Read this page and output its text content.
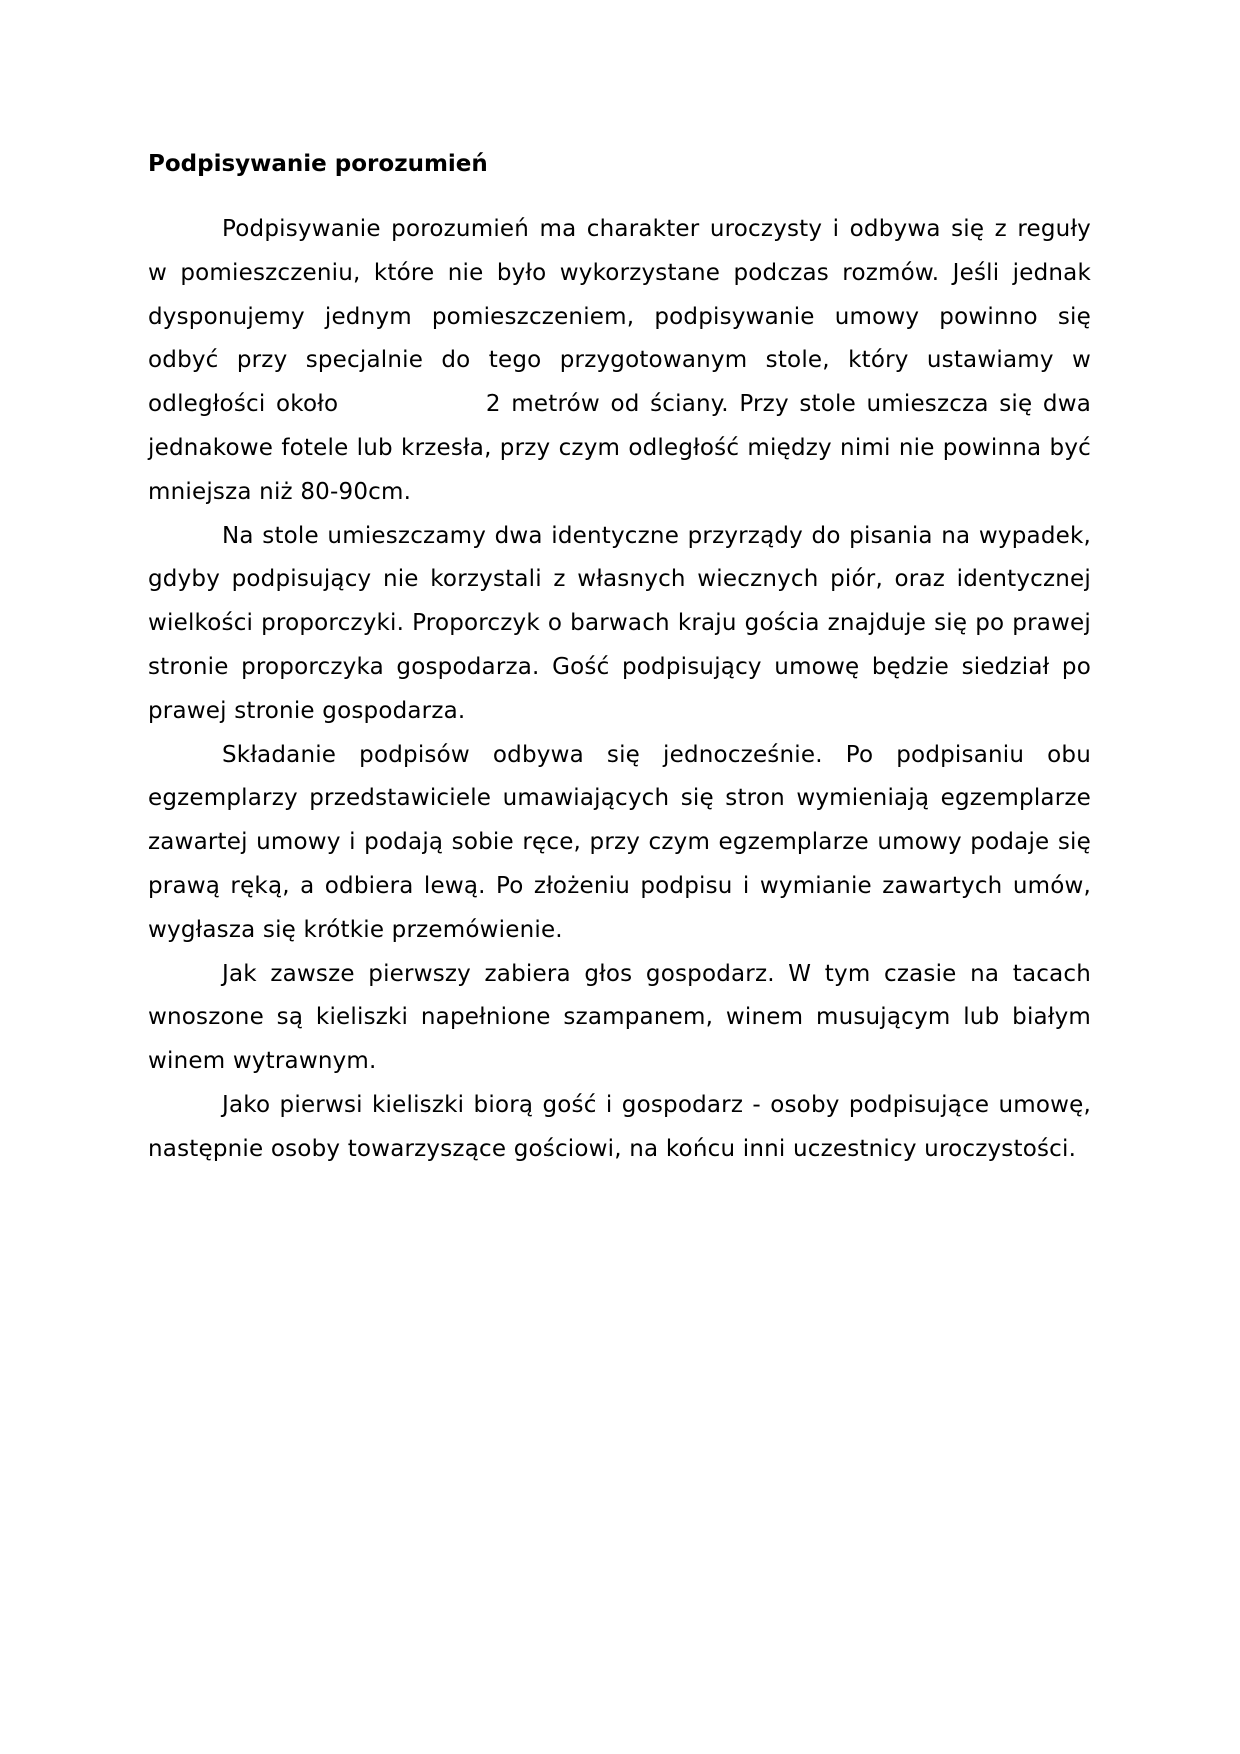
Podpisywanie porozumień

Podpisywanie porozumień ma charakter uroczysty i odbywa się z reguły w pomieszczeniu, które nie było wykorzystane podczas rozmów. Jeśli jednak dysponujemy jednym pomieszczeniem, podpisywanie umowy powinno się odbyć przy specjalnie do tego przygotowanym stole, który ustawiamy w odległości około              2 metrów od ściany. Przy stole umieszcza się dwa jednakowe fotele lub krzesła, przy czym odległość między nimi nie powinna być mniejsza niż 80-90cm.

Na stole umieszczamy dwa identyczne przyrządy do pisania na wypadek, gdyby podpisujący nie korzystali z własnych wiecznych piór, oraz identycznej wielkości proporczyki. Proporczyk o barwach kraju gościa znajduje się po prawej stronie proporczyka gospodarza. Gość podpisujący umowę będzie siedział po prawej stronie gospodarza.

Składanie podpisów odbywa się jednocześnie. Po podpisaniu obu egzemplarzy przedstawiciele umawiających się stron wymieniają egzemplarze zawartej umowy i podają sobie ręce, przy czym egzemplarze umowy podaje się prawą ręką, a odbiera lewą. Po złożeniu podpisu i wymianie zawartych umów, wygłasza się krótkie przemówienie.

Jak zawsze pierwszy zabiera głos gospodarz. W tym czasie na tacach wnoszone są kieliszki napełnione szampanem, winem musującym lub białym winem wytrawnym.

Jako pierwsi kieliszki biorą gość i gospodarz - osoby podpisujące umowę, następnie osoby towarzyszące gościowi, na końcu inni uczestnicy uroczystości.
